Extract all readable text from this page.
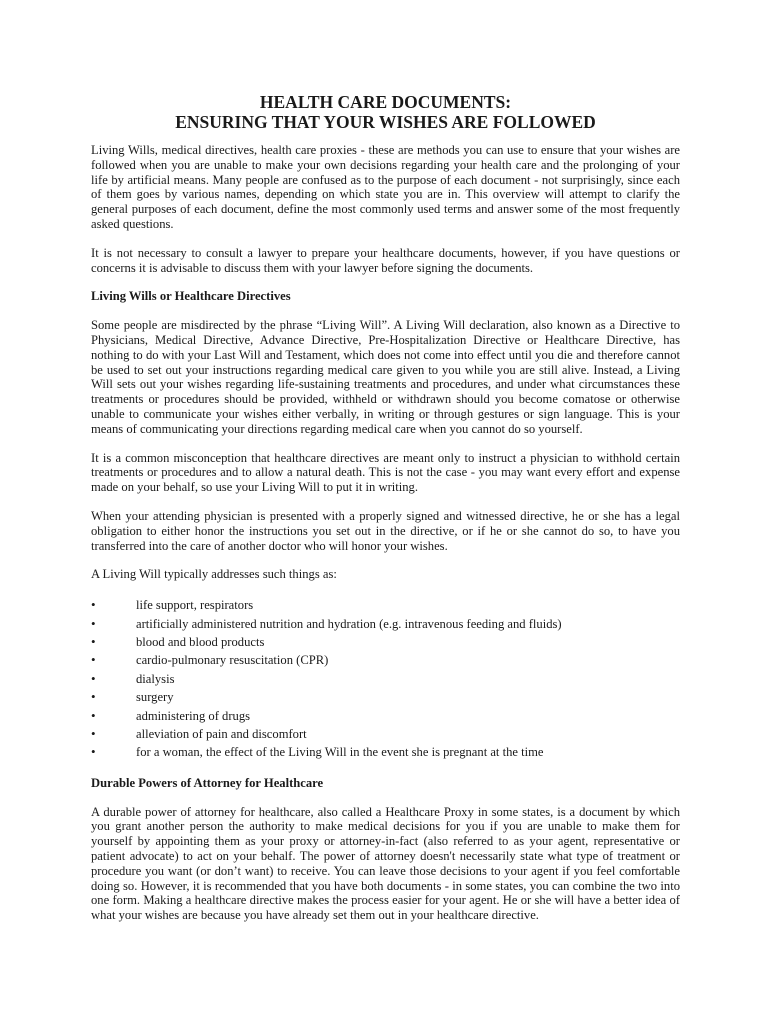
HEALTH CARE DOCUMENTS:
ENSURING THAT YOUR WISHES ARE FOLLOWED

Living Wills, medical directives, health care proxies - these are methods you can use to ensure that your wishes are followed when you are unable to make your own decisions regarding your health care and the prolonging of your life by artificial means. Many people are confused as to the purpose of each document - not surprisingly, since each of them goes by various names, depending on which state you are in. This overview will attempt to clarify the general purposes of each document, define the most commonly used terms and answer some of the most frequently asked questions.

It is not necessary to consult a lawyer to prepare your healthcare documents, however, if you have questions or concerns it is advisable to discuss them with your lawyer before signing the documents.

Living Wills or Healthcare Directives

Some people are misdirected by the phrase “Living Will”. A Living Will declaration, also known as a Directive to Physicians, Medical Directive, Advance Directive, Pre-Hospitalization Directive or Healthcare Directive, has nothing to do with your Last Will and Testament, which does not come into effect until you die and therefore cannot be used to set out your instructions regarding medical care given to you while you are still alive. Instead, a Living Will sets out your wishes regarding life-sustaining treatments and procedures, and under what circumstances these treatments or procedures should be provided, withheld or withdrawn should you become comatose or otherwise unable to communicate your wishes either verbally, in writing or through gestures or sign language. This is your means of communicating your directions regarding medical care when you cannot do so yourself.

It is a common misconception that healthcare directives are meant only to instruct a physician to withhold certain treatments or procedures and to allow a natural death. This is not the case - you may want every effort and expense made on your behalf, so use your Living Will to put it in writing.

When your attending physician is presented with a properly signed and witnessed directive, he or she has a legal obligation to either honor the instructions you set out in the directive, or if he or she cannot do so, to have you transferred into the care of another doctor who will honor your wishes.

A Living Will typically addresses such things as:

•	life support, respirators
•	artificially administered nutrition and hydration (e.g. intravenous feeding and fluids)
•	blood and blood products
•	cardio-pulmonary resuscitation (CPR)
•	dialysis
•	surgery
•	administering of drugs
•	alleviation of pain and discomfort
•	for a woman, the effect of the Living Will in the event she is pregnant at the time
Durable Powers of Attorney for Healthcare

A durable power of attorney for healthcare, also called a Healthcare Proxy in some states, is a document by which you grant another person the authority to make medical decisions for you if you are unable to make them for yourself by appointing them as your proxy or attorney-in-fact (also referred to as your agent, representative or patient advocate) to act on your behalf. The power of attorney doesn't necessarily state what type of treatment or procedure you want (or don’t want) to receive. You can leave those decisions to your agent if you feel comfortable doing so. However, it is recommended that you have both documents - in some states, you can combine the two into one form. Making a healthcare directive makes the process easier for your agent. He or she will have a better idea of what your wishes are because you have already set them out in your healthcare directive.
